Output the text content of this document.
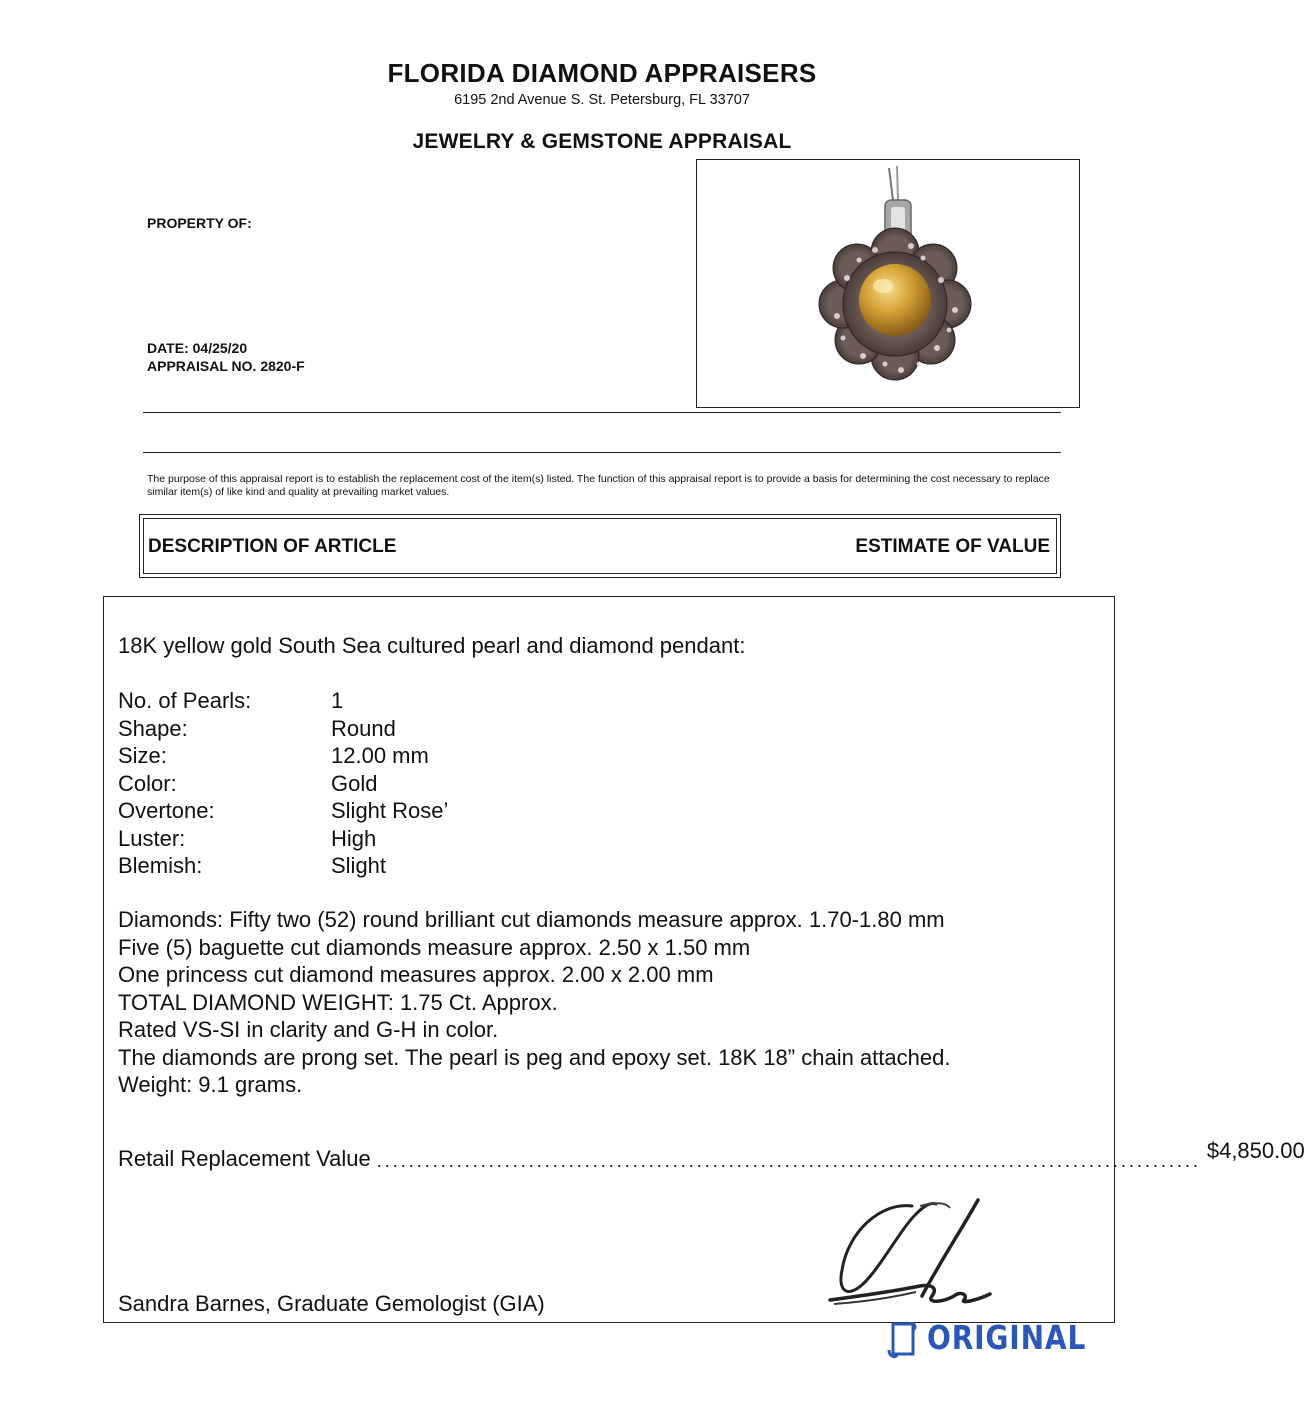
FLORIDA DIAMOND APPRAISERS
6195 2nd Avenue S. St. Petersburg, FL 33707
JEWELRY & GEMSTONE APPRAISAL
PROPERTY OF:
DATE: 04/25/20
APPRAISAL NO. 2820-F
The purpose of this appraisal report is to establish the replacement cost of the item(s) listed. The function of this appraisal report is to provide a basis for determining the cost necessary to replace similar item(s) of like kind and quality at prevailing market values.
DESCRIPTION OF ARTICLE	ESTIMATE OF VALUE
18K yellow gold South Sea cultured pearl and diamond pendant:
No. of Pearls:	1
Shape:	Round
Size:	12.00 mm
Color:	Gold
Overtone:	Slight Rose’
Luster:	High
Blemish:	Slight
Diamonds: Fifty two (52) round brilliant cut diamonds measure approx. 1.70-1.80 mm
Five (5) baguette cut diamonds measure approx. 2.50 x 1.50 mm
One princess cut diamond measures approx. 2.00 x 2.00 mm
TOTAL DIAMOND WEIGHT: 1.75 Ct. Approx.
Rated VS-SI in clarity and G-H in color.
The diamonds are prong set. The pearl is peg and epoxy set. 18K 18” chain attached.
Weight: 9.1 grams.
Retail Replacement Value ....................................................................................................... $4,850.00
Sandra Barnes, Graduate Gemologist (GIA)
ORIGINAL
